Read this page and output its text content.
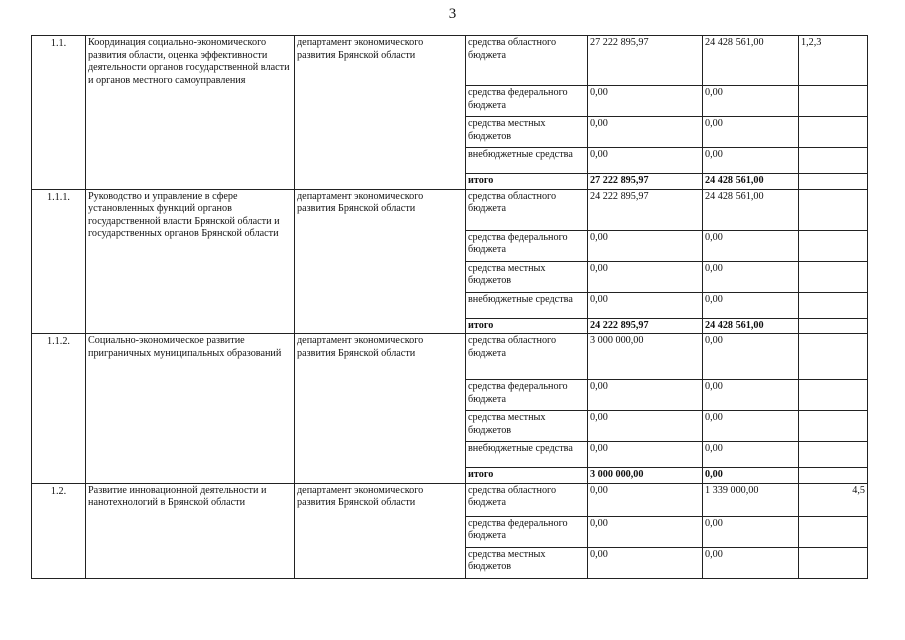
3
1.1.	Координация социально-экономического развития области, оценка эффективности деятельности органов государственной власти и органов местного самоуправления	департамент экономического развития Брянской области	средства областного бюджета	27 222 895,97	24 428 561,00	1,2,3
			средства федерального бюджета	0,00	0,00	
			средства местных бюджетов	0,00	0,00	
			внебюджетные средства	0,00	0,00	
			итого	27 222 895,97	24 428 561,00	
1.1.1.	Руководство и управление в сфере установленных функций органов государственной власти Брянской области и государственных органов Брянской области	департамент экономического развития Брянской области	средства областного бюджета	24 222 895,97	24 428 561,00	
			средства федерального бюджета	0,00	0,00	
			средства местных бюджетов	0,00	0,00	
			внебюджетные средства	0,00	0,00	
			итого	24 222 895,97	24 428 561,00	
1.1.2.	Социально-экономическое развитие приграничных муниципальных образований	департамент экономического развития Брянской области	средства областного бюджета	3 000 000,00	0,00	
			средства федерального бюджета	0,00	0,00	
			средства местных бюджетов	0,00	0,00	
			внебюджетные средства	0,00	0,00	
			итого	3 000 000,00	0,00	
1.2.	Развитие инновационной деятельности и нанотехнологий в Брянской области	департамент экономического развития Брянской области	средства областного бюджета	0,00	1 339 000,00	4,5
			средства федерального бюджета	0,00	0,00	
			средства местных бюджетов	0,00	0,00	
